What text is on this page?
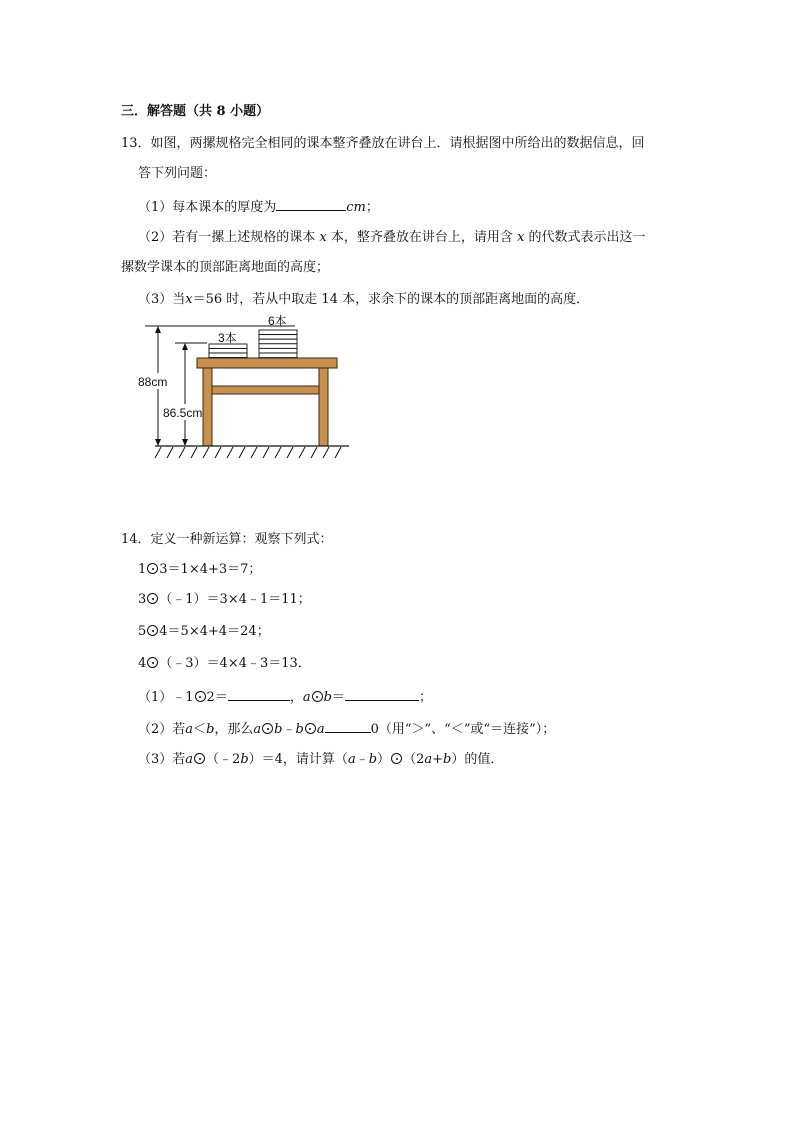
三．解答题（共 8 小题）
13．如图，两摞规格完全相同的课本整齐叠放在讲台上．请根据图中所给出的数据信息，回
答下列问题：
（1）每本课本的厚度为	cm；
（2）若有一摞上述规格的课本 x 本，整齐叠放在讲台上，请用含 x 的代数式表示出这一
摞数学课本的顶部距离地面的高度；
（3）当x＝56 时，若从中取走 14 本，求余下的课本的顶部距离地面的高度．
88cm
86.5cm
3本
6本
14．定义一种新运算：观察下列式：
1 3＝1×4+3＝7；
3 （﹣1）＝3×4﹣1＝11；
5 4＝5×4+4＝24；
4 （﹣3）＝4×4﹣3＝13．
（1）﹣1 2＝	，a b＝	；
（2）若a＜b，那么a b﹣b a	0（用“＞”、“＜”或“＝连接”）；
（3）若a （﹣2b）＝4，请计算（a﹣b） （2a+b）的值．
